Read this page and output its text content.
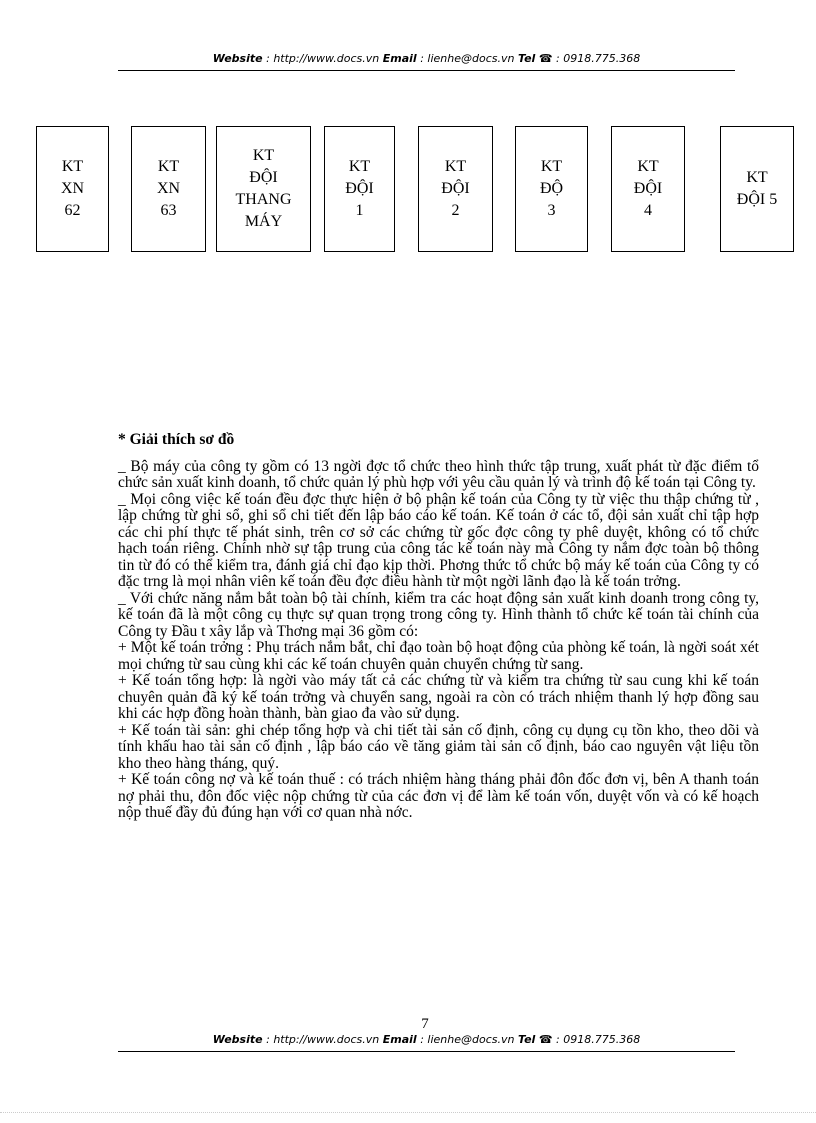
Website : http://www.docs.vn Email : lienhe@docs.vn Tel ☎ : 0918.775.368
KT
XN
62
KT
XN
63
KT
ĐỘI
THANG
MÁY
KT
ĐỘI
1
KT
ĐỘI
2
KT
ĐỘ
3
KT
ĐỘI
4
KT
ĐỘI 5
* Giải thích sơ đồ

_ Bộ máy của công ty gồm có 13 ngời đợc tổ chức theo hình thức tập trung, xuất phát từ đặc điểm tổ chức sản xuất kinh doanh, tổ chức quản lý phù hợp với yêu cầu quản lý và trình độ kế toán tại Công ty.

_ Mọi công việc kế toán đều đợc thực hiện ở bộ phận kế toán của Công ty từ việc thu thập chứng từ , lập chứng từ ghi sổ, ghi sổ chi tiết đến lập báo cáo kế toán. Kế toán ở các tổ, đội sản xuất chỉ tập hợp các chi phí thực tế phát sinh, trên cơ sở các chứng từ gốc đợc công ty phê duyệt, không có tổ chức hạch toán riêng. Chính nhờ sự tập trung của công tác kế toán này mà Công ty nắm đợc toàn bộ thông tin từ đó có thể kiểm tra, đánh giá chỉ đạo kịp thời. Phơng thức tổ chức bộ máy kế toán của Công ty có đặc trng là mọi nhân viên kế toán đều đợc điều hành từ một ngời lãnh đạo là kế toán trởng.

_ Với chức năng nắm bắt toàn bộ tài chính, kiểm tra các hoạt động sản xuất kinh doanh trong công ty, kế toán đã là một công cụ thực sự quan trọng trong công ty. Hình thành tổ chức kế toán tài chính của Công ty Đầu t xây lắp và Thơng mại 36 gồm có:

+ Một kế toán trởng : Phụ trách nắm bắt, chỉ đạo toàn bộ hoạt động của phòng kế toán, là ngời soát xét mọi chứng từ sau cùng khi các kế toán chuyên quản chuyển chứng từ sang.

+ Kế toán tổng hợp: là ngời vào máy tất cả các chứng từ và kiểm tra chứng từ sau cung khi kế toán chuyên quản đã ký kế toán trởng và chuyển sang, ngoài ra còn có trách nhiệm thanh lý hợp đồng sau khi các hợp đồng hoàn thành, bàn giao đa vào sử dụng.

+ Kế toán tài sản: ghi chép tổng hợp và chi tiết tài sản cố định, công cụ dụng cụ tồn kho, theo dõi và tính khấu hao tài sản cố định , lập báo cáo về tăng giảm tài sản cố định, báo cao nguyên vật liệu tồn kho theo hàng tháng, quý.

+ Kế toán công nợ và kế toán thuế : có trách nhiệm hàng tháng phải đôn đốc đơn vị, bên A thanh toán nợ phải thu, đôn đốc việc nộp chứng từ của các đơn vị để làm kế toán vốn, duyệt vốn và có kế hoạch nộp thuế đầy đủ đúng hạn với cơ quan nhà nớc.

7
Website : http://www.docs.vn Email : lienhe@docs.vn Tel ☎ : 0918.775.368
